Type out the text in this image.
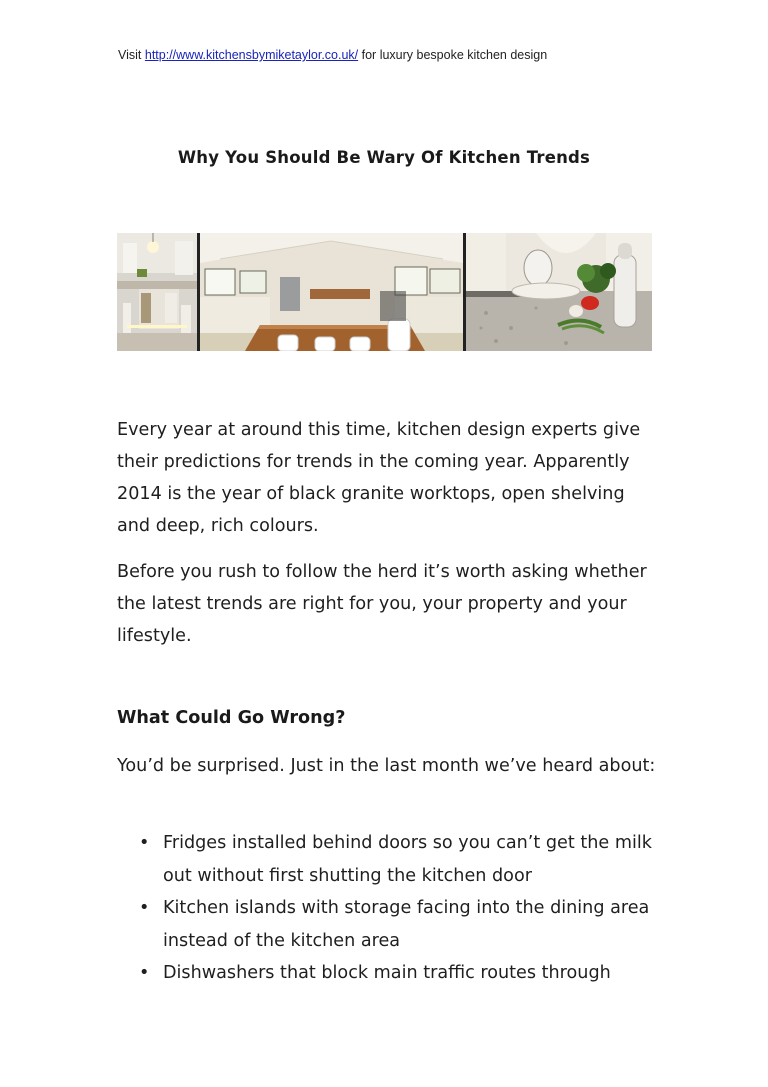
Visit http://www.kitchensbymiketaylor.co.uk/ for luxury bespoke kitchen design
Why You Should Be Wary Of Kitchen Trends

Every year at around this time, kitchen design experts give their predictions for trends in the coming year. Apparently 2014 is the year of black granite worktops, open shelving and deep, rich colours.

Before you rush to follow the herd it’s worth asking whether the latest trends are right for you, your property and your lifestyle.

What Could Go Wrong?

You’d be surprised. Just in the last month we’ve heard about:

• Fridges installed behind doors so you can’t get the milk out without first shutting the kitchen door
• Kitchen islands with storage facing into the dining area instead of the kitchen area
• Dishwashers that block main traffic routes through
